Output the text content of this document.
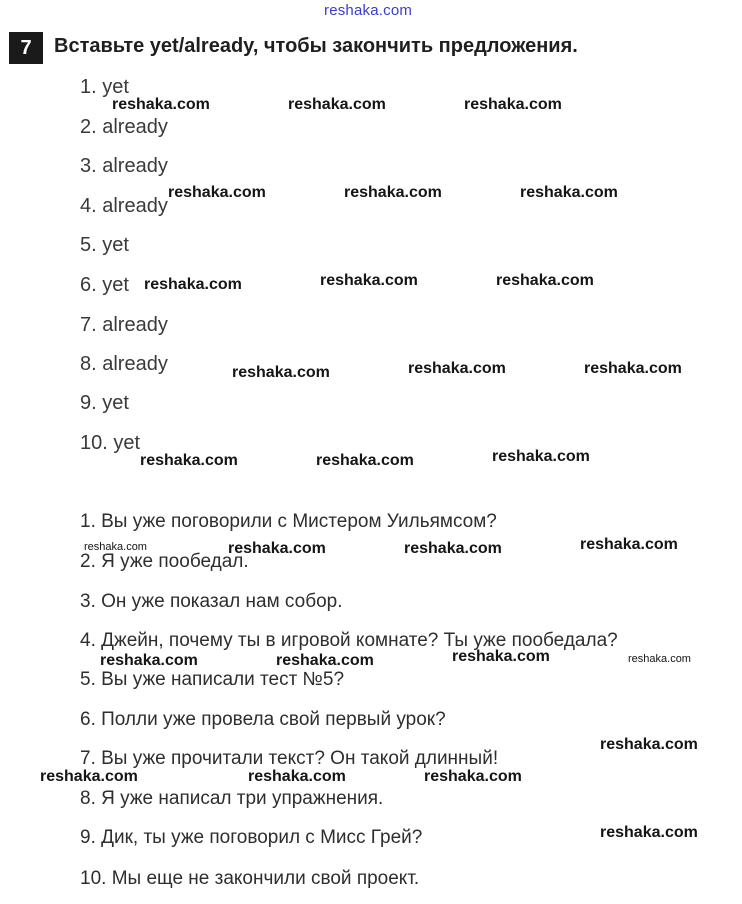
reshaka.com
7	Вставьте yet/already, чтобы закончить предложения.
1. yet
2. already
3. already
4. already
5. yet
6. yet
7. already
8. already
9. yet
10. yet
1. Вы уже поговорили с Мистером Уильямсом?
2. Я уже пообедал.
3. Он уже показал нам собор.
4. Джейн, почему ты в игровой комнате? Ты уже пообедала?
5. Вы уже написали тест №5?
6. Полли уже провела свой первый урок?
7. Вы уже прочитали текст? Он такой длинный!
8. Я уже написал три упражнения.
9. Дик, ты уже поговорил с Мисс Грей?
10. Мы еще не закончили свой проект.
reshaka.com	reshaka.com	reshaka.com
reshaka.com	reshaka.com	reshaka.com
reshaka.com	reshaka.com	reshaka.com
reshaka.com	reshaka.com	reshaka.com
reshaka.com	reshaka.com	reshaka.com
reshaka.com	reshaka.com	reshaka.com	reshaka.com
reshaka.com	reshaka.com	reshaka.com	reshaka.com
reshaka.com
reshaka.com	reshaka.com	reshaka.com
reshaka.com
